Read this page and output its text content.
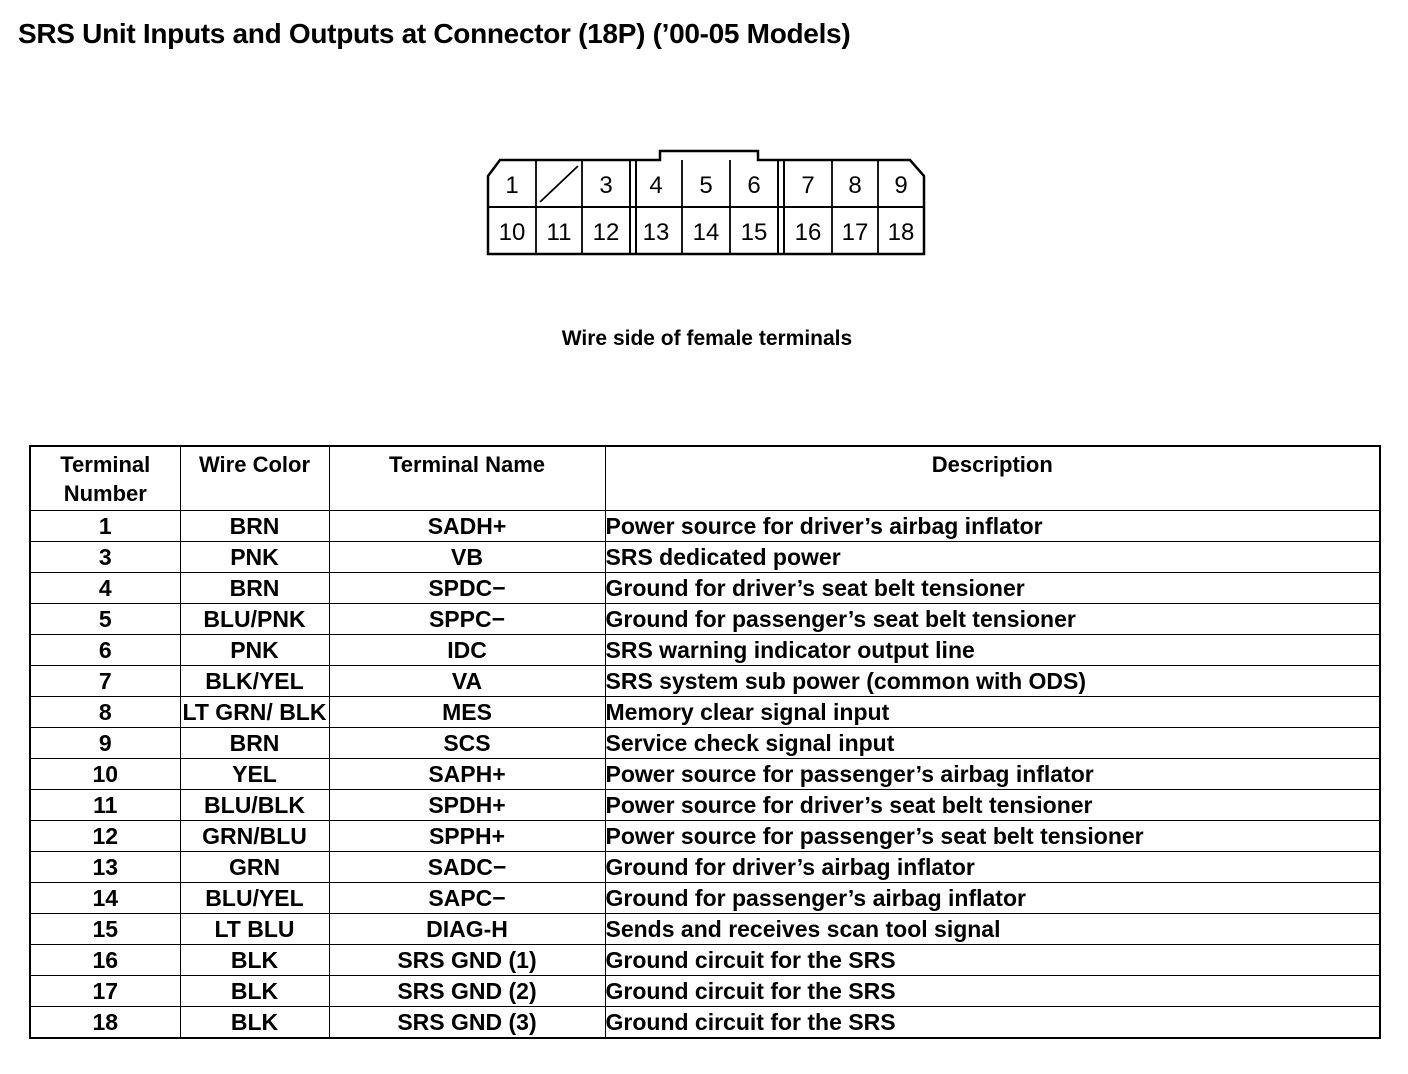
SRS Unit Inputs and Outputs at Connector (18P) (’00-05 Models)
1	3 4 5 6 7 8 9
10 11 12 13 14 15 16 17 18
Wire side of female terminals
Terminal Number	Wire Color	Terminal Name	Description
1	BRN	SADH+	Power source for driver’s airbag inflator
3	PNK	VB	SRS dedicated power
4	BRN	SPDC−	Ground for driver’s seat belt tensioner
5	BLU/PNK	SPPC−	Ground for passenger’s seat belt tensioner
6	PNK	IDC	SRS warning indicator output line
7	BLK/YEL	VA	SRS system sub power (common with ODS)
8	LT GRN/ BLK	MES	Memory clear signal input
9	BRN	SCS	Service check signal input
10	YEL	SAPH+	Power source for passenger’s airbag inflator
11	BLU/BLK	SPDH+	Power source for driver’s seat belt tensioner
12	GRN/BLU	SPPH+	Power source for passenger’s seat belt tensioner
13	GRN	SADC−	Ground for driver’s airbag inflator
14	BLU/YEL	SAPC−	Ground for passenger’s airbag inflator
15	LT BLU	DIAG-H	Sends and receives scan tool signal
16	BLK	SRS GND (1)	Ground circuit for the SRS
17	BLK	SRS GND (2)	Ground circuit for the SRS
18	BLK	SRS GND (3)	Ground circuit for the SRS
